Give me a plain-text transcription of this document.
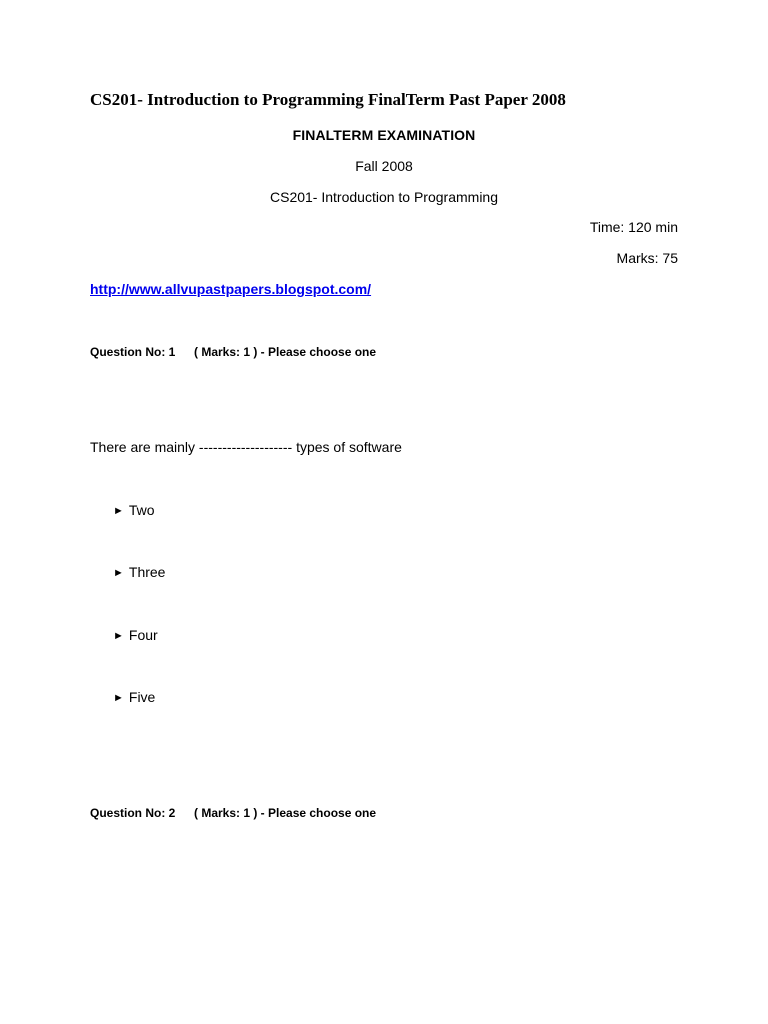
CS201- Introduction to Programming FinalTerm Past Paper 2008
FINALTERM EXAMINATION
Fall 2008
CS201- Introduction to Programming
Time: 120 min
Marks: 75
http://www.allvupastpapers.blogspot.com/
Question No: 1 ( Marks: 1 ) - Please choose one
There are mainly -------------------- types of software
► Two
► Three
► Four
► Five
Question No: 2 ( Marks: 1 ) - Please choose one
